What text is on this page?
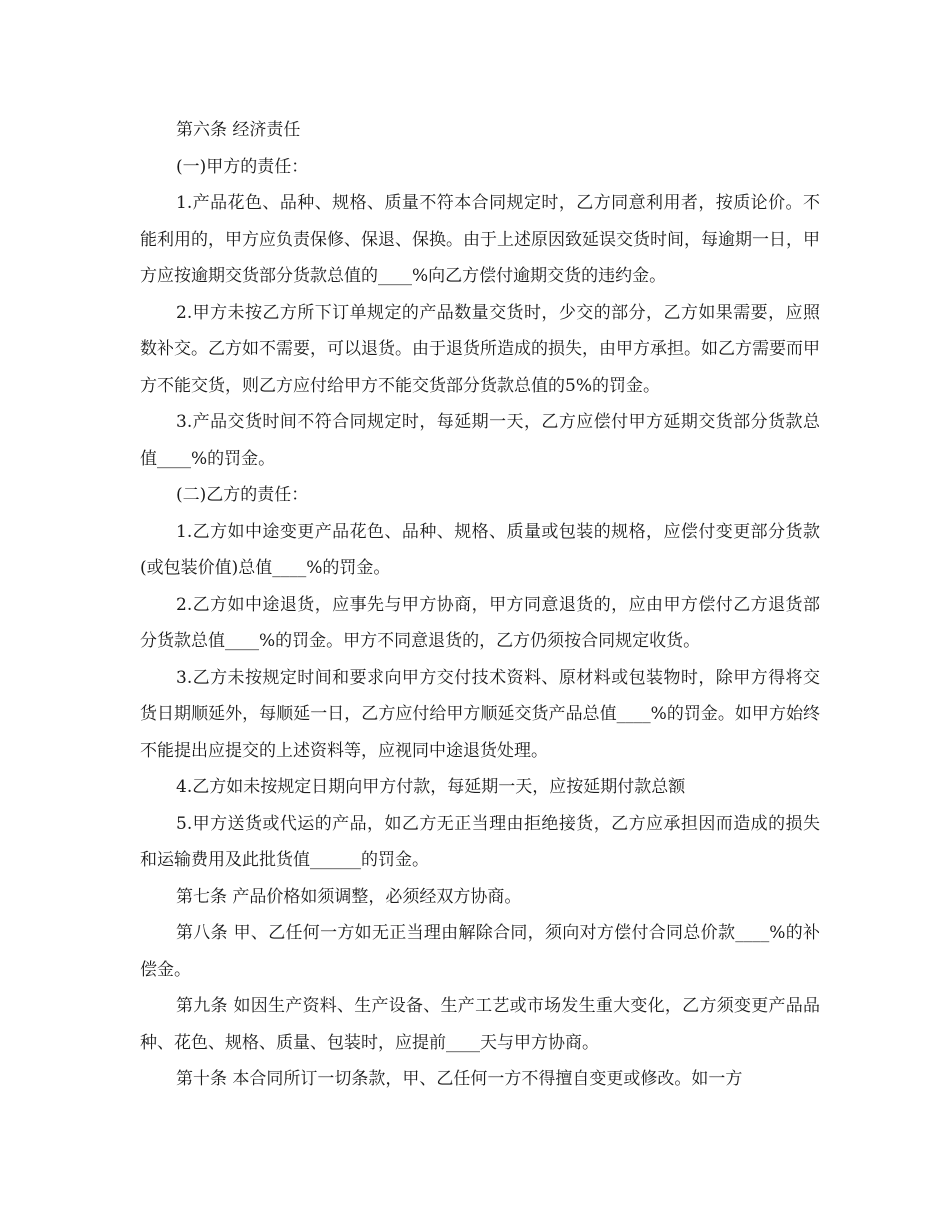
第六条 经济责任

(一)甲方的责任：

1.产品花色、品种、规格、质量不符本合同规定时，乙方同意利用者，按质论价。不能利用的，甲方应负责保修、保退、保换。由于上述原因致延误交货时间，每逾期一日，甲方应按逾期交货部分货款总值的____%向乙方偿付逾期交货的违约金。

2.甲方未按乙方所下订单规定的产品数量交货时，少交的部分，乙方如果需要，应照数补交。乙方如不需要，可以退货。由于退货所造成的损失，由甲方承担。如乙方需要而甲方不能交货，则乙方应付给甲方不能交货部分货款总值的5%的罚金。

3.产品交货时间不符合同规定时，每延期一天，乙方应偿付甲方延期交货部分货款总值____%的罚金。

(二)乙方的责任：

1.乙方如中途变更产品花色、品种、规格、质量或包装的规格，应偿付变更部分货款(或包装价值)总值____%的罚金。

2.乙方如中途退货，应事先与甲方协商，甲方同意退货的，应由甲方偿付乙方退货部分货款总值____%的罚金。甲方不同意退货的，乙方仍须按合同规定收货。

3.乙方未按规定时间和要求向甲方交付技术资料、原材料或包装物时，除甲方得将交货日期顺延外，每顺延一日，乙方应付给甲方顺延交货产品总值____%的罚金。如甲方始终不能提出应提交的上述资料等，应视同中途退货处理。

4.乙方如未按规定日期向甲方付款，每延期一天，应按延期付款总额

5.甲方送货或代运的产品，如乙方无正当理由拒绝接货，乙方应承担因而造成的损失和运输费用及此批货值______的罚金。

第七条 产品价格如须调整，必须经双方协商。

第八条 甲、乙任何一方如无正当理由解除合同，须向对方偿付合同总价款____%的补偿金。

第九条 如因生产资料、生产设备、生产工艺或市场发生重大变化，乙方须变更产品品种、花色、规格、质量、包装时，应提前____天与甲方协商。

第十条 本合同所订一切条款，甲、乙任何一方不得擅自变更或修改。如一方
